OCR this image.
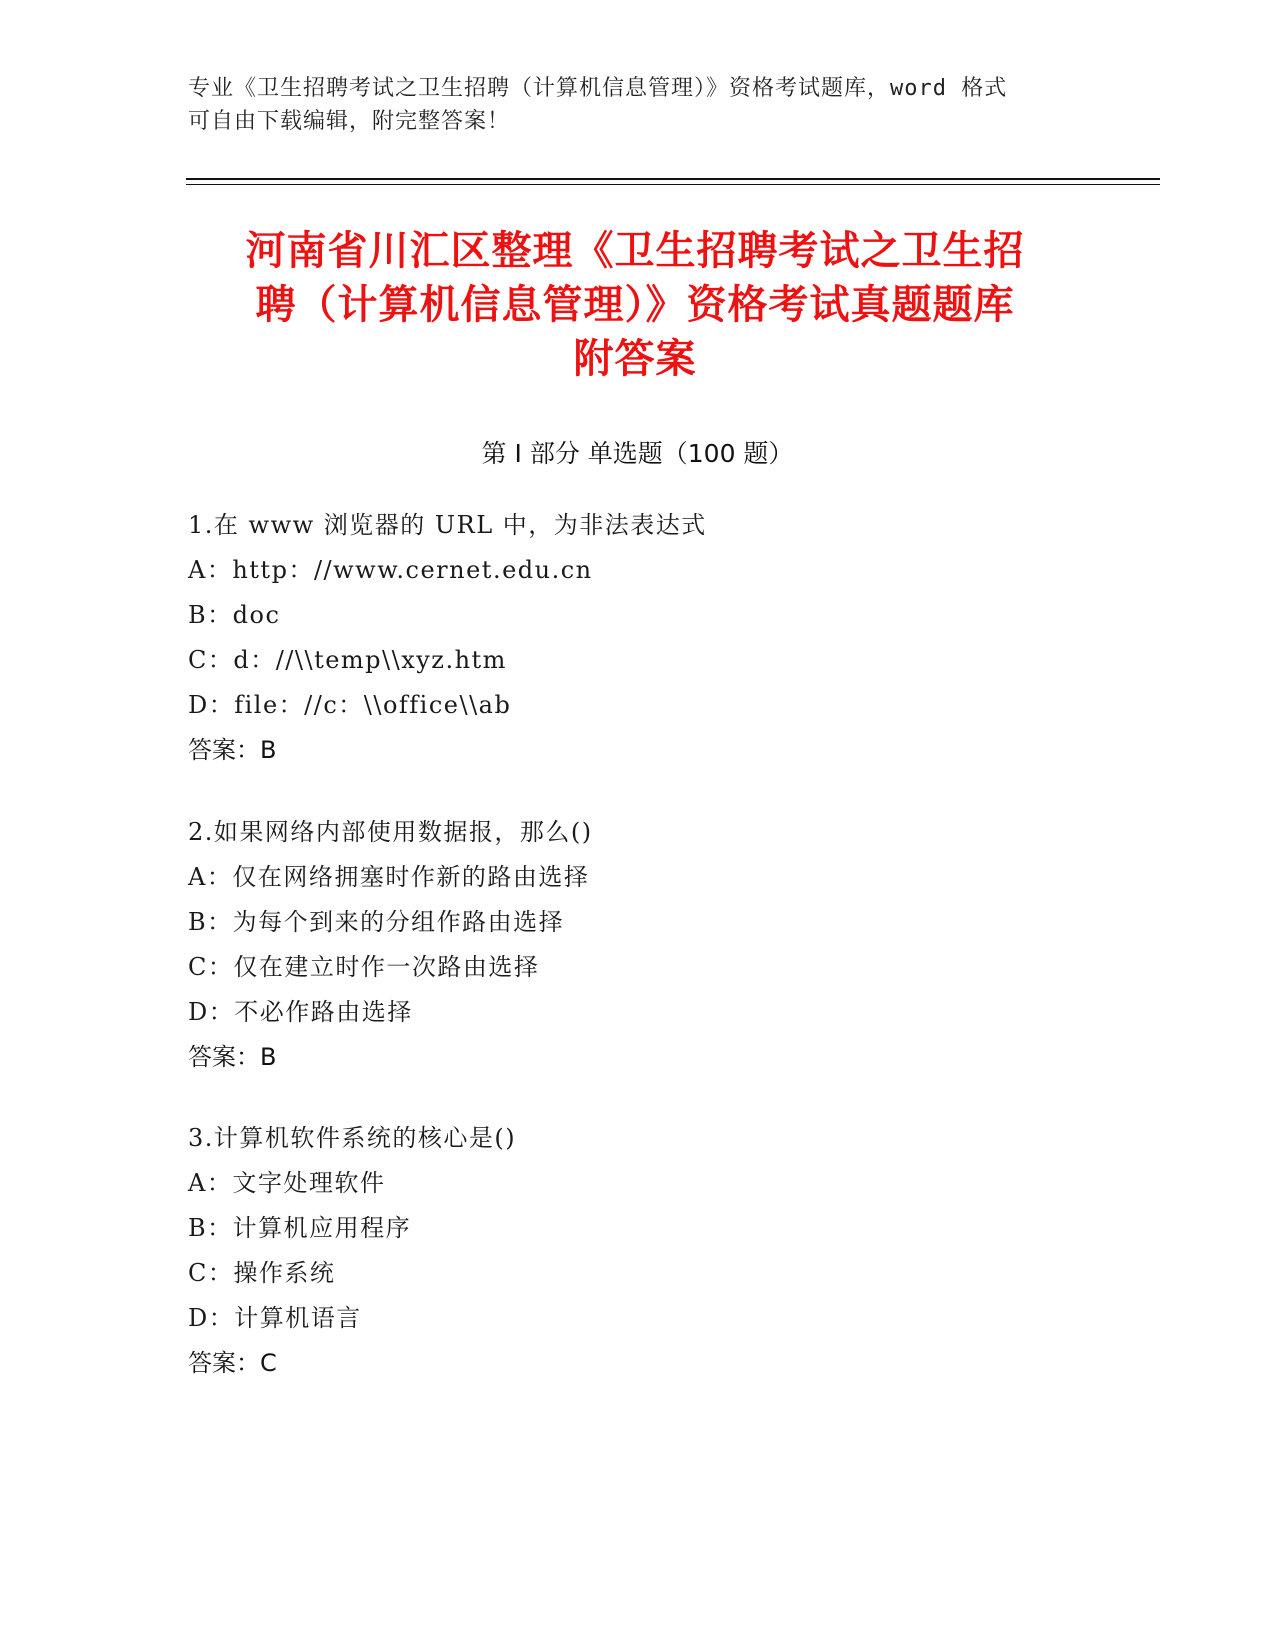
专业《卫生招聘考试之卫生招聘（计算机信息管理）》资格考试题库，word 格式
可自由下载编辑，附完整答案！
河南省川汇区整理《卫生招聘考试之卫生招
聘（计算机信息管理）》资格考试真题题库
附答案
第 I 部分 单选题（100 题）
1.在 www 浏览器的 URL 中，为非法表达式
A：http：//www.cernet.edu.cn
B：doc
C：d：//\\temp\\xyz.htm
D：file：//c：\\office\\ab
答案：B
2.如果网络内部使用数据报，那么()
A：仅在网络拥塞时作新的路由选择
B：为每个到来的分组作路由选择
C：仅在建立时作一次路由选择
D：不必作路由选择
答案：B
3.计算机软件系统的核心是()
A：文字处理软件
B：计算机应用程序
C：操作系统
D：计算机语言
答案：C
